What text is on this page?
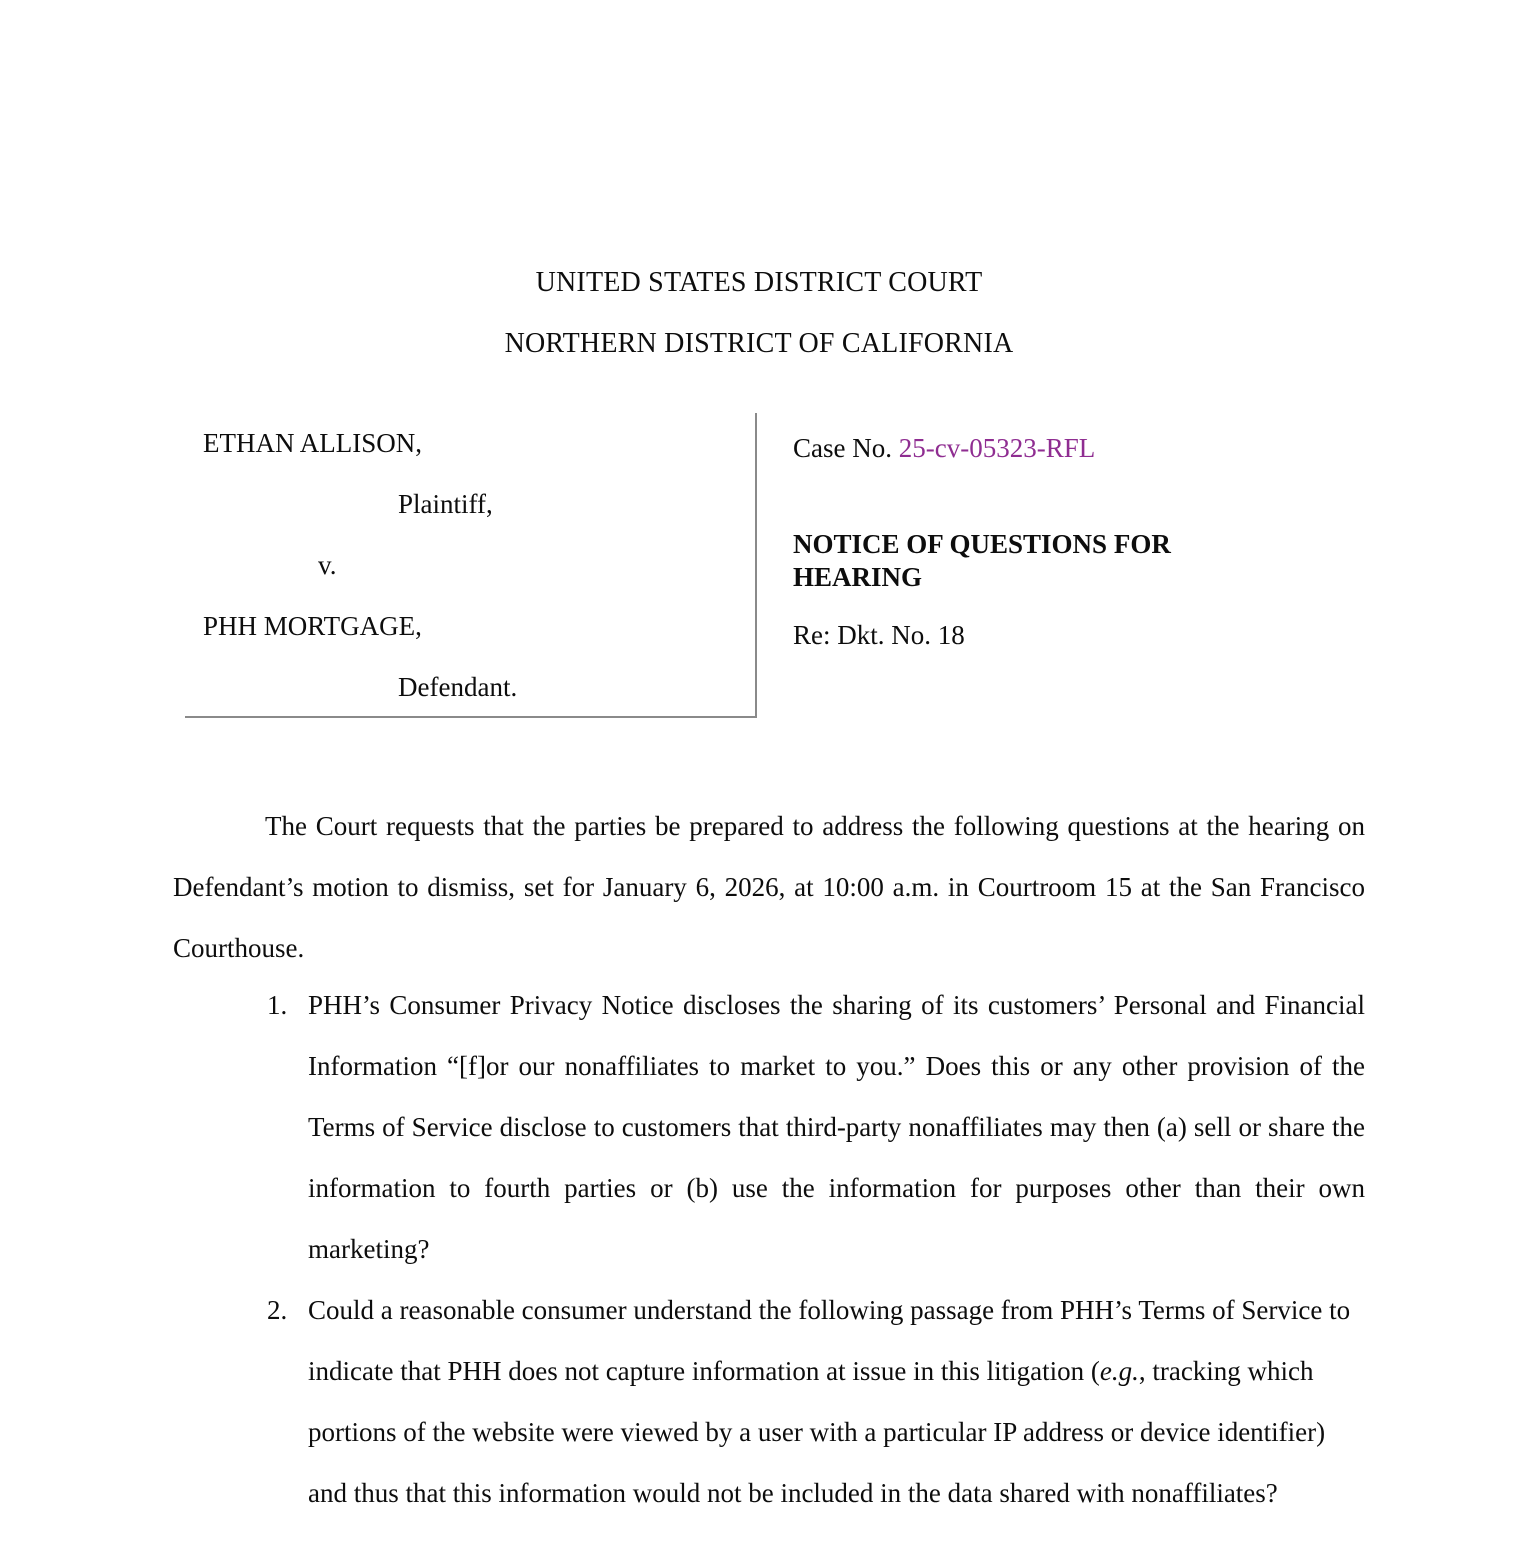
UNITED STATES DISTRICT COURT
NORTHERN DISTRICT OF CALIFORNIA
ETHAN ALLISON,
Plaintiff,
v.
PHH MORTGAGE,
Defendant.
Case No. 25-cv-05323-RFL
NOTICE OF QUESTIONS FOR HEARING
Re: Dkt. No. 18

The Court requests that the parties be prepared to address the following questions at the hearing on Defendant’s motion to dismiss, set for January 6, 2026, at 10:00 a.m. in Courtroom 15 at the San Francisco Courthouse.

1. PHH’s Consumer Privacy Notice discloses the sharing of its customers’ Personal and Financial Information “[f]or our nonaffiliates to market to you.” Does this or any other provision of the Terms of Service disclose to customers that third-party nonaffiliates may then (a) sell or share the information to fourth parties or (b) use the information for purposes other than their own marketing?
2. Could a reasonable consumer understand the following passage from PHH’s Terms of Service to indicate that PHH does not capture information at issue in this litigation (e.g., tracking which portions of the website were viewed by a user with a particular IP address or device identifier) and thus that this information would not be included in the data shared with nonaffiliates?
